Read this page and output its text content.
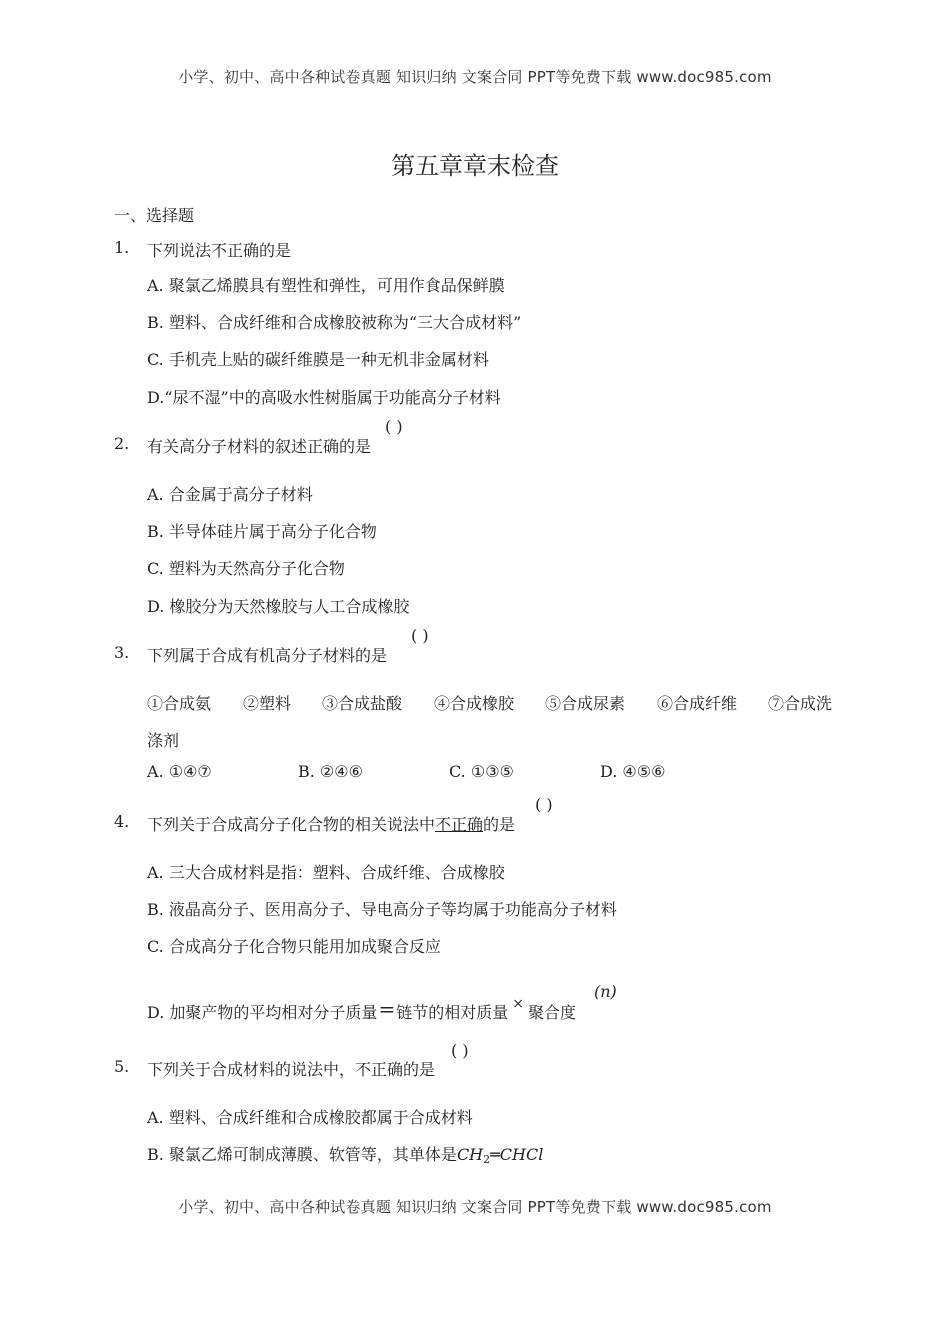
小学、初中、高中各种试卷真题 知识归纳 文案合同 PPT等免费下载 www.doc985.com
第五章章末检查
一、选择题
1. 下列说法不正确的是
A. 聚氯乙烯膜具有塑性和弹性，可用作食品保鲜膜
B. 塑料、合成纤维和合成橡胶被称为“三大合成材料”
C. 手机壳上贴的碳纤维膜是一种无机非金属材料
D.“尿不湿”中的高吸水性树脂属于功能高分子材料
2. 有关高分子材料的叙述正确的是
( )
A. 合金属于高分子材料
B. 半导体硅片属于高分子化合物
C. 塑料为天然高分子化合物
D. 橡胶分为天然橡胶与人工合成橡胶
3. 下列属于合成有机高分子材料的是
( )
①合成氨 ②塑料 ③合成盐酸 ④合成橡胶 ⑤合成尿素 ⑥合成纤维 ⑦合成洗
涤剂
A. ①④⑦	B. ②④⑥	C. ①③⑤	D. ④⑤⑥
4. 下列关于合成高分子化合物的相关说法中不正确的是
( )
A. 三大合成材料是指：塑料、合成纤维、合成橡胶
B. 液晶高分子、医用高分子、导电高分子等均属于功能高分子材料
C. 合成高分子化合物只能用加成聚合反应
D. 加聚产物的平均相对分子质量=链节的相对质量 × 聚合度
(n)
5. 下列关于合成材料的说法中，不正确的是
( )
A. 塑料、合成纤维和合成橡胶都属于合成材料
B. 聚氯乙烯可制成薄膜、软管等，其单体是$CH_2═CHCl$
小学、初中、高中各种试卷真题 知识归纳 文案合同 PPT等免费下载 www.doc985.com
